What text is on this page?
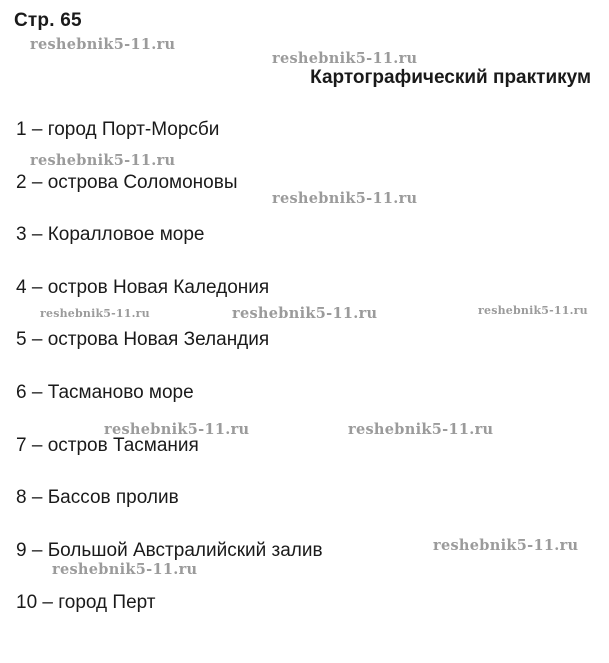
Стр. 65
Картографический практикум
1 – город Порт-Морсби
2 – острова Соломоновы
3 – Коралловое море
4 – остров Новая Каледония
5 – острова Новая Зеландия
6 – Тасманово море
7 – остров Тасмания
8 – Бассов пролив
9 – Большой Австралийский залив
10 – город Перт
reshebnik5-11.ru
reshebnik5-11.ru
reshebnik5-11.ru
reshebnik5-11.ru
reshebnik5-11.ru	reshebnik5-11.ru	reshebnik5-11.ru
reshebnik5-11.ru	reshebnik5-11.ru
reshebnik5-11.ru
reshebnik5-11.ru
